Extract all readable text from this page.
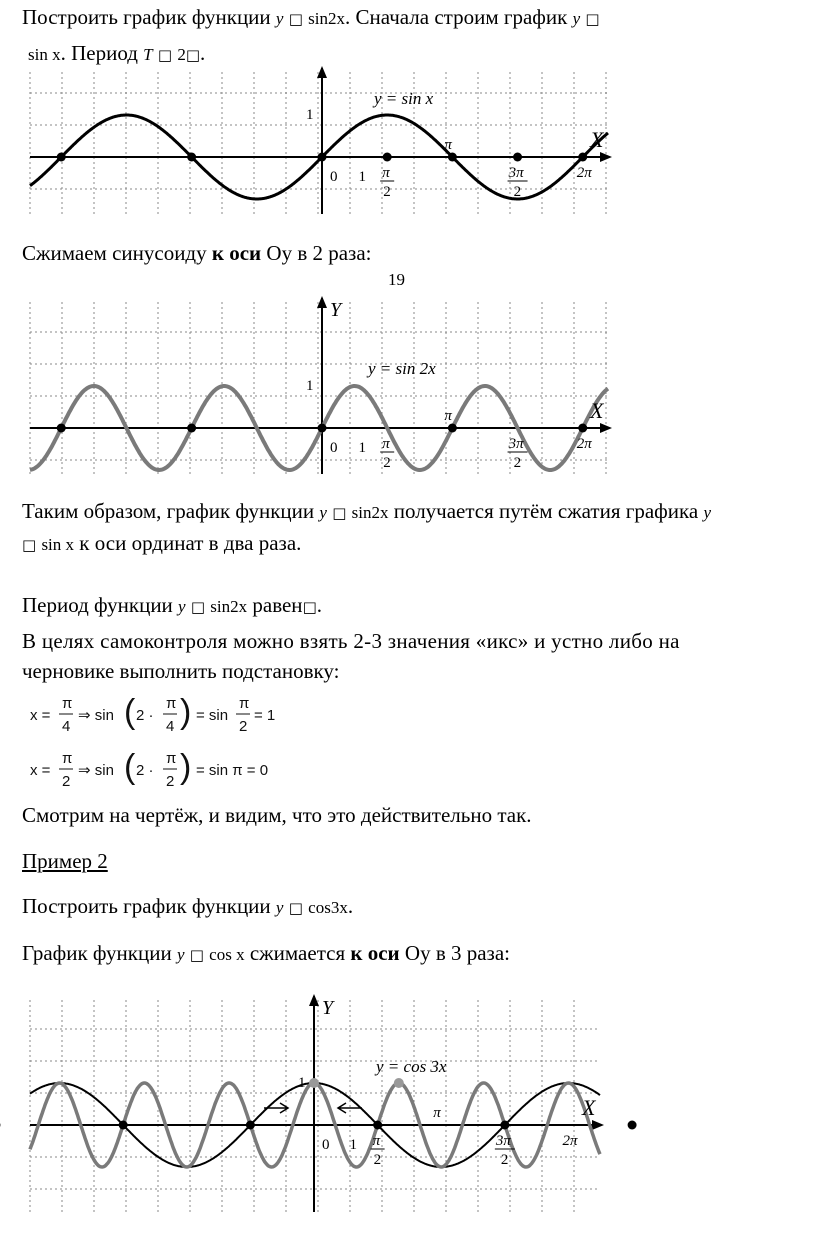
Построить график функции y □ sin2x. Сначала строим график y □
sin x. Период T □ 2□.
y = sin x
X
1
0 1 π
2
π
3π
2
2π
Сжимаем синусоиду к оси Оу в 2 раза:
19
y = sin 2x
Y
X
1
0 1 π
2
π
3π
2
2π
Таким образом, график функции y □ sin2x получается путём сжатия графика y
□ sin x к оси ординат в два раза.
Период функции y □ sin2x равен□.
В целях самоконтроля можно взять 2-3 значения «икс» и устно либо на
черновике выполнить подстановку:
x =
π
4
⇒ sin ( 2 ·
π
4 ) = sin
π
2
= 1
x =
π
2
⇒ sin ( 2 ·
π
2 ) = sin π = 0
Смотрим на чертёж, и видим, что это действительно так.
Пример 2
Построить график функции y □ cos3x.
График функции y □ cos x сжимается к оси Оу в 3 раза:
y = cos 3x
Y
X
1
0 1 π
2
π
3π
2
2π
